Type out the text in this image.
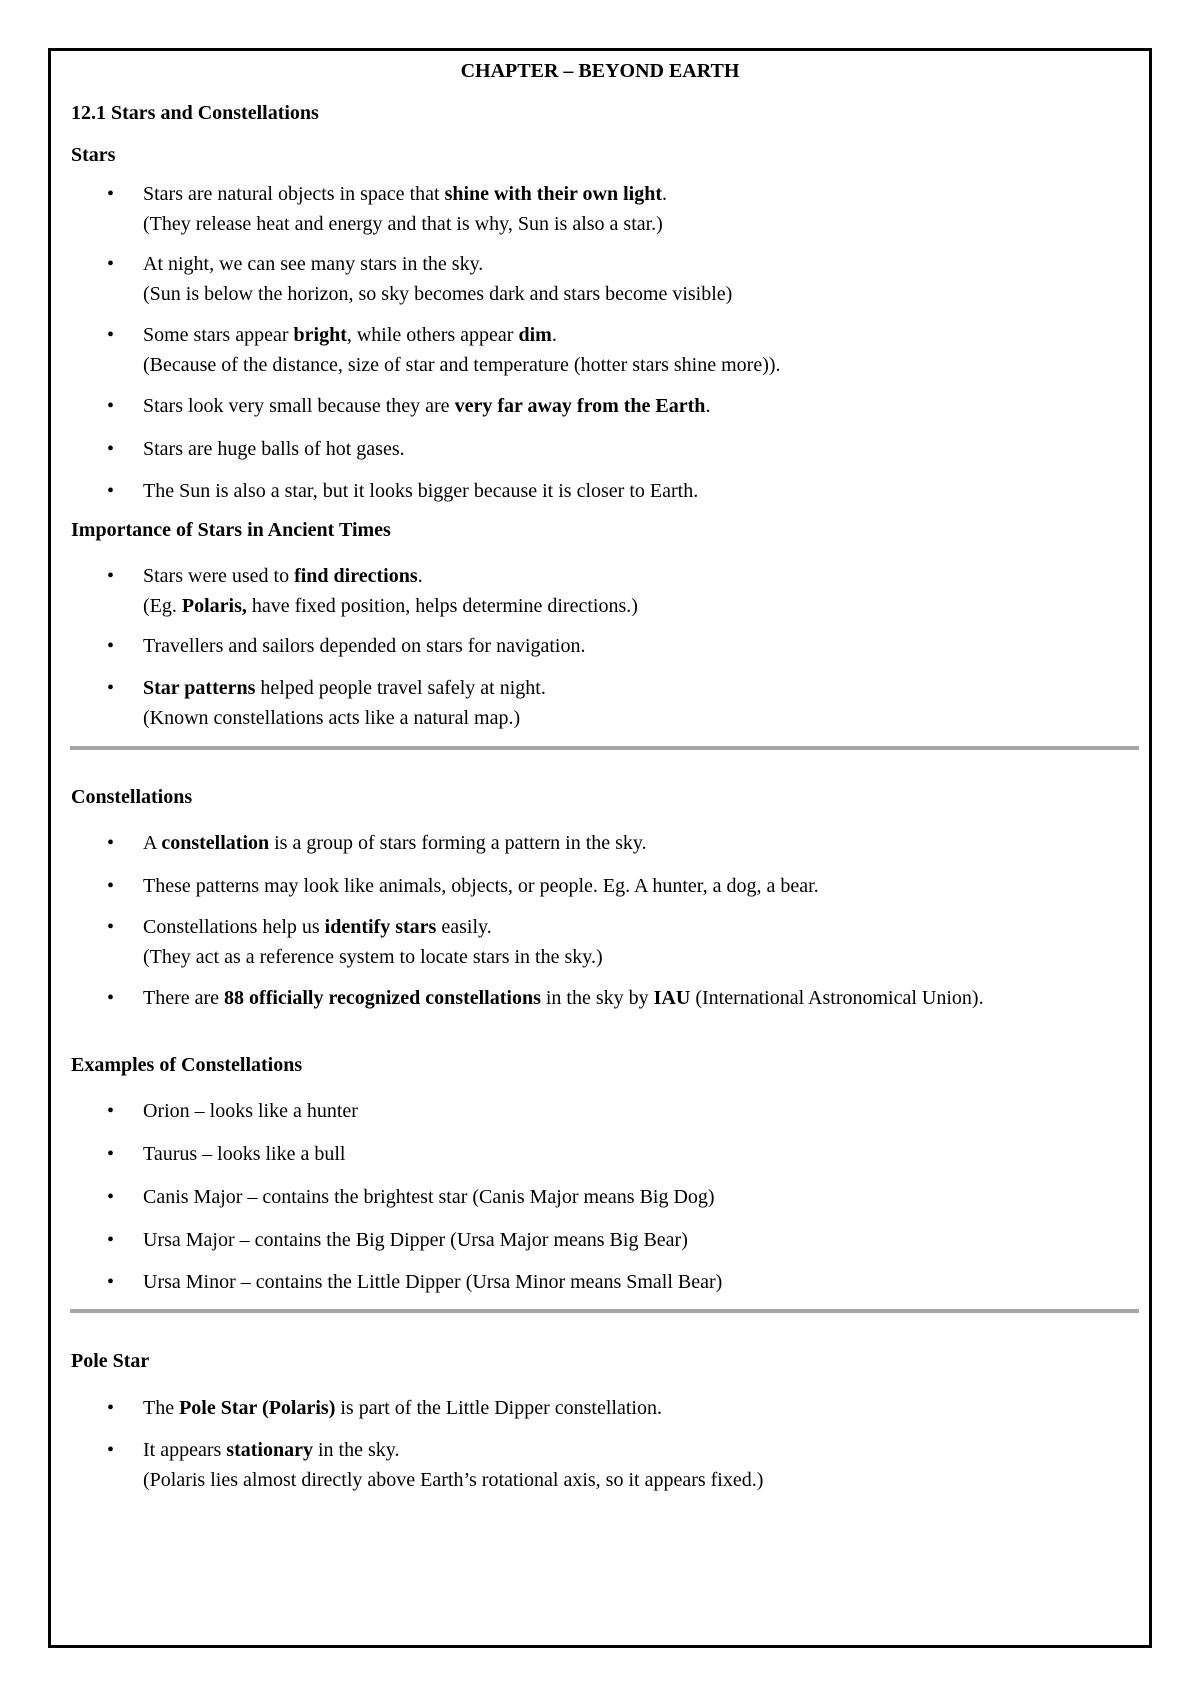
CHAPTER – BEYOND EARTH

12.1 Stars and Constellations

Stars

• Stars are natural objects in space that shine with their own light.
(They release heat and energy and that is why, Sun is also a star.)
• At night, we can see many stars in the sky.
(Sun is below the horizon, so sky becomes dark and stars become visible)
• Some stars appear bright, while others appear dim.
(Because of the distance, size of star and temperature (hotter stars shine more)).
• Stars look very small because they are very far away from the Earth.
• Stars are huge balls of hot gases.
• The Sun is also a star, but it looks bigger because it is closer to Earth.

Importance of Stars in Ancient Times

• Stars were used to find directions.
(Eg. Polaris, have fixed position, helps determine directions.)
• Travellers and sailors depended on stars for navigation.
• Star patterns helped people travel safely at night.
(Known constellations acts like a natural map.)

Constellations

• A constellation is a group of stars forming a pattern in the sky.
• These patterns may look like animals, objects, or people. Eg. A hunter, a dog, a bear.
• Constellations help us identify stars easily.
(They act as a reference system to locate stars in the sky.)
• There are 88 officially recognized constellations in the sky by IAU (International Astronomical Union).

Examples of Constellations

• Orion – looks like a hunter
• Taurus – looks like a bull
• Canis Major – contains the brightest star (Canis Major means Big Dog)
• Ursa Major – contains the Big Dipper (Ursa Major means Big Bear)
• Ursa Minor – contains the Little Dipper (Ursa Minor means Small Bear)

Pole Star

• The Pole Star (Polaris) is part of the Little Dipper constellation.
• It appears stationary in the sky.
(Polaris lies almost directly above Earth’s rotational axis, so it appears fixed.)
